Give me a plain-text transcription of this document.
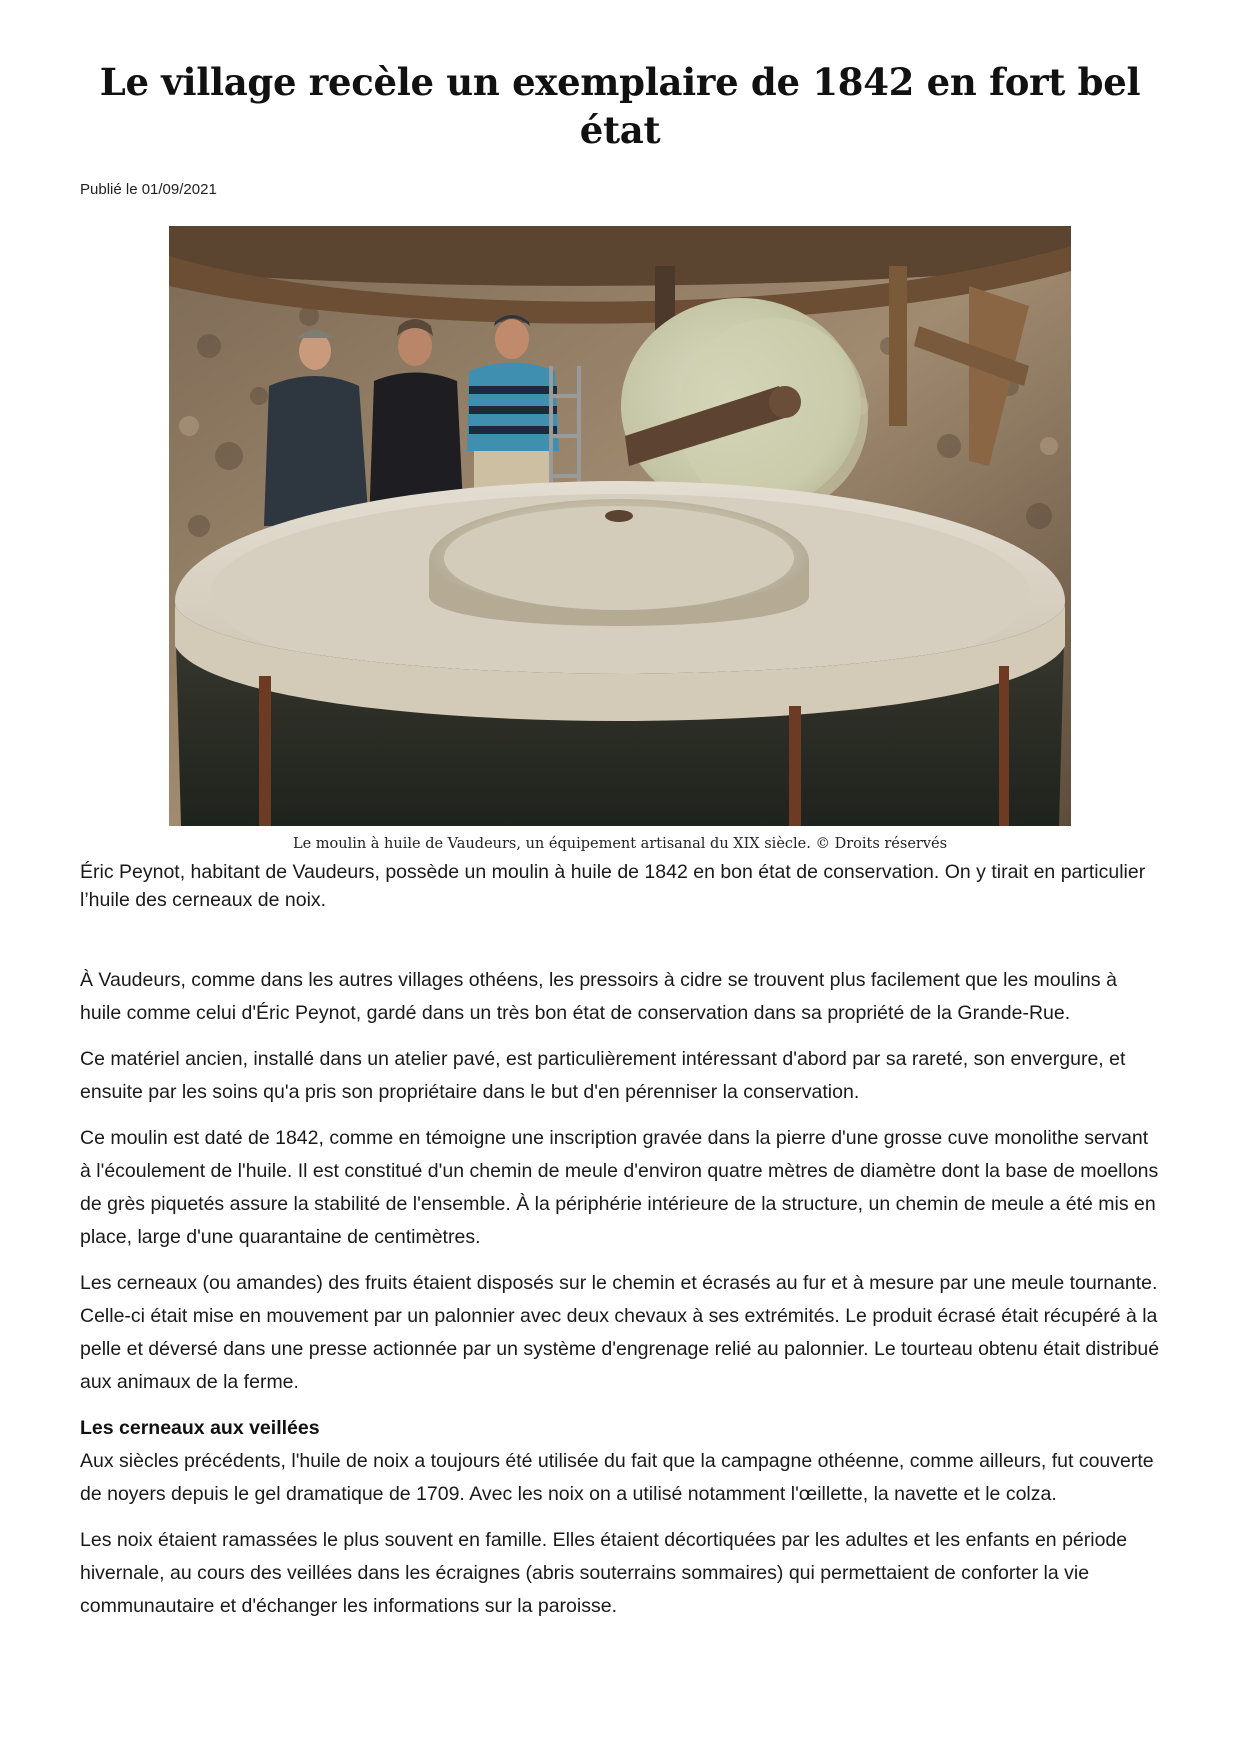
Le village recèle un exemplaire de 1842 en fort bel état
Publié le 01/09/2021
Le moulin à huile de Vaudeurs, un équipement artisanal du XIX siècle. © Droits réservés

Éric Peynot, habitant de Vaudeurs, possède un moulin à huile de 1842 en bon état de conservation. On y tirait en particulier l’huile des cerneaux de noix.

À Vaudeurs, comme dans les autres villages othéens, les pressoirs à cidre se trouvent plus facilement que les moulins à huile comme celui d'Éric Peynot, gardé dans un très bon état de conservation dans sa propriété de la Grande-Rue.

Ce matériel ancien, installé dans un atelier pavé, est particulièrement intéressant d'abord par sa rareté, son envergure, et ensuite par les soins qu'a pris son propriétaire dans le but d'en pérenniser la conservation.

Ce moulin est daté de 1842, comme en témoigne une inscription gravée dans la pierre d'une grosse cuve monolithe servant à l'écoulement de l'huile. Il est constitué d'un chemin de meule d'environ quatre mètres de diamètre dont la base de moellons de grès piquetés assure la stabilité de l'ensemble. À la périphérie intérieure de la structure, un chemin de meule a été mis en place, large d'une quarantaine de centimètres.

Les cerneaux (ou amandes) des fruits étaient disposés sur le chemin et écrasés au fur et à mesure par une meule tournante. Celle-ci était mise en mouvement par un palonnier avec deux chevaux à ses extrémités. Le produit écrasé était récupéré à la pelle et déversé dans une presse actionnée par un système d'engrenage relié au palonnier. Le tourteau obtenu était distribué aux animaux de la ferme.

Les cerneaux aux veillées

Aux siècles précédents, l'huile de noix a toujours été utilisée du fait que la campagne othéenne, comme ailleurs, fut couverte de noyers depuis le gel dramatique de 1709. Avec les noix on a utilisé notamment l'œillette, la navette et le colza.

Les noix étaient ramassées le plus souvent en famille. Elles étaient décortiquées par les adultes et les enfants en période hivernale, au cours des veillées dans les écraignes (abris souterrains sommaires) qui permettaient de conforter la vie communautaire et d'échanger les informations sur la paroisse.
